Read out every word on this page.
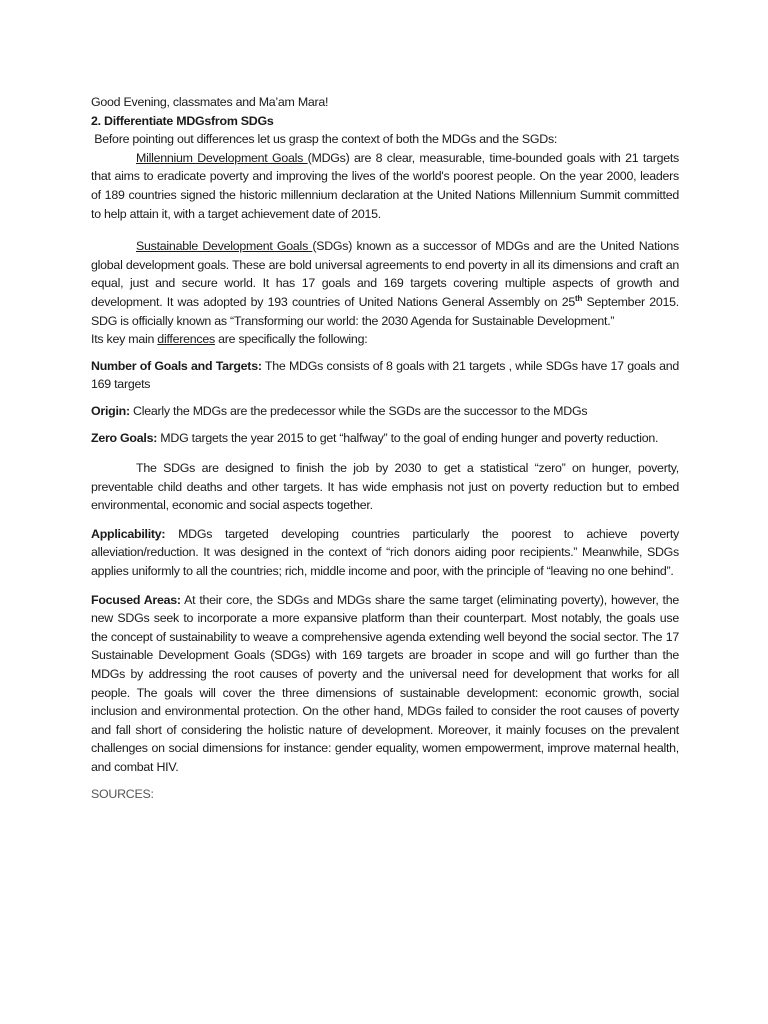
Good Evening, classmates and Ma’am Mara!

2. Differentiate MDGsfrom SDGs

Before pointing out differences let us grasp the context of both the MDGs and the SGDs:

Millennium Development Goals (MDGs) are 8 clear, measurable, time-bounded goals with 21 targets that aims to eradicate poverty and improving the lives of the world's poorest people. On the year 2000, leaders of 189 countries signed the historic millennium declaration at the United Nations Millennium Summit committed to help attain it, with a target achievement date of 2015.

Sustainable Development Goals (SDGs) known as a successor of MDGs and are the United Nations global development goals. These are bold universal agreements to end poverty in all its dimensions and craft an equal, just and secure world. It has 17 goals and 169 targets covering multiple aspects of growth and development. It was adopted by 193 countries of United Nations General Assembly on 25th September 2015. SDG is officially known as “Transforming our world: the 2030 Agenda for Sustainable Development.”

Its key main differences are specifically the following:

Number of Goals and Targets: The MDGs consists of 8 goals with 21 targets , while SDGs have 17 goals and 169 targets

Origin: Clearly the MDGs are the predecessor while the SGDs are the successor to the MDGs

Zero Goals: MDG targets the year 2015 to get “halfway” to the goal of ending hunger and poverty reduction.

The SDGs are designed to finish the job by 2030 to get a statistical “zero” on hunger, poverty, preventable child deaths and other targets. It has wide emphasis not just on poverty reduction but to embed environmental, economic and social aspects together.

Applicability: MDGs targeted developing countries particularly the poorest to achieve poverty alleviation/reduction. It was designed in the context of “rich donors aiding poor recipients.” Meanwhile, SDGs applies uniformly to all the countries; rich, middle income and poor, with the principle of “leaving no one behind”.

Focused Areas: At their core, the SDGs and MDGs share the same target (eliminating poverty), however, the new SDGs seek to incorporate a more expansive platform than their counterpart. Most notably, the goals use the concept of sustainability to weave a comprehensive agenda extending well beyond the social sector. The 17 Sustainable Development Goals (SDGs) with 169 targets are broader in scope and will go further than the MDGs by addressing the root causes of poverty and the universal need for development that works for all people. The goals will cover the three dimensions of sustainable development: economic growth, social inclusion and environmental protection. On the other hand, MDGs failed to consider the root causes of poverty and fall short of considering the holistic nature of development. Moreover, it mainly focuses on the prevalent challenges on social dimensions for instance: gender equality, women empowerment, improve maternal health, and combat HIV.

SOURCES:
